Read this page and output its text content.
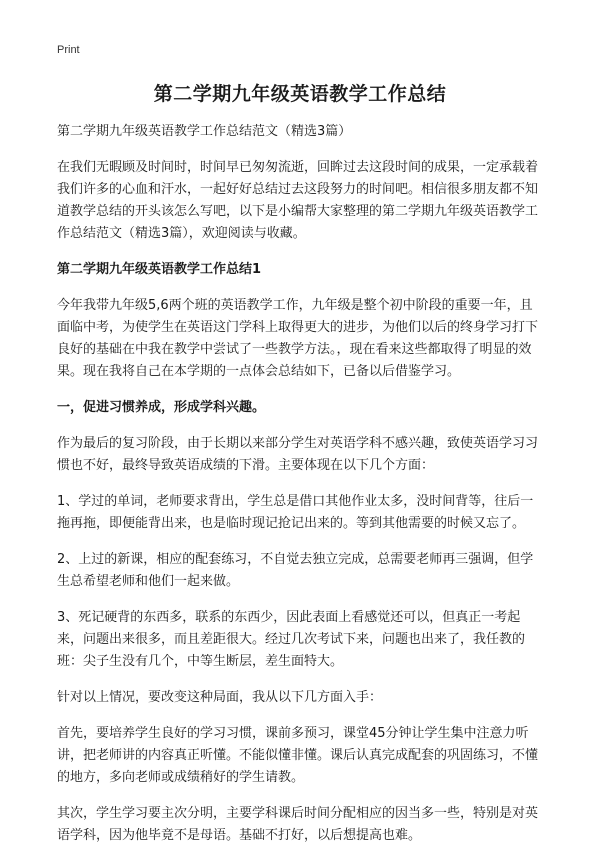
Print
第二学期九年级英语教学工作总结

第二学期九年级英语教学工作总结范文（精选3篇）

在我们无暇顾及时间时，时间早已匆匆流逝，回眸过去这段时间的成果，一定承载着我们许多的心血和汗水，一起好好总结过去这段努力的时间吧。相信很多朋友都不知道教学总结的开头该怎么写吧，以下是小编帮大家整理的第二学期九年级英语教学工作总结范文（精选3篇），欢迎阅读与收藏。

第二学期九年级英语教学工作总结1

今年我带九年级5,6两个班的英语教学工作，九年级是整个初中阶段的重要一年，且面临中考，为使学生在英语这门学科上取得更大的进步，为他们以后的终身学习打下良好的基础在中我在教学中尝试了一些教学方法。，现在看来这些都取得了明显的效果。现在我将自己在本学期的一点体会总结如下，已备以后借鉴学习。

一，促进习惯养成，形成学科兴趣。

作为最后的复习阶段，由于长期以来部分学生对英语学科不感兴趣，致使英语学习习惯也不好，最终导致英语成绩的下滑。主要体现在以下几个方面：

1、学过的单词，老师要求背出，学生总是借口其他作业太多，没时间背等，往后一拖再拖，即便能背出来，也是临时现记抢记出来的。等到其他需要的时候又忘了。

2、上过的新课，相应的配套练习，不自觉去独立完成，总需要老师再三强调，但学生总希望老师和他们一起来做。

3、死记硬背的东西多，联系的东西少，因此表面上看感觉还可以，但真正一考起来，问题出来很多，而且差距很大。经过几次考试下来，问题也出来了，我任教的班：尖子生没有几个，中等生断层，差生面特大。

针对以上情况，要改变这种局面，我从以下几方面入手：

首先，要培养学生良好的学习习惯，课前多预习，课堂45分钟让学生集中注意力听讲，把老师讲的内容真正听懂。不能似懂非懂。课后认真完成配套的巩固练习，不懂的地方，多向老师或成绩稍好的学生请教。

其次，学生学习要主次分明，主要学科课后时间分配相应的因当多一些，特别是对英语学科，因为他毕竟不是母语。基础不打好，以后想提高也难。
